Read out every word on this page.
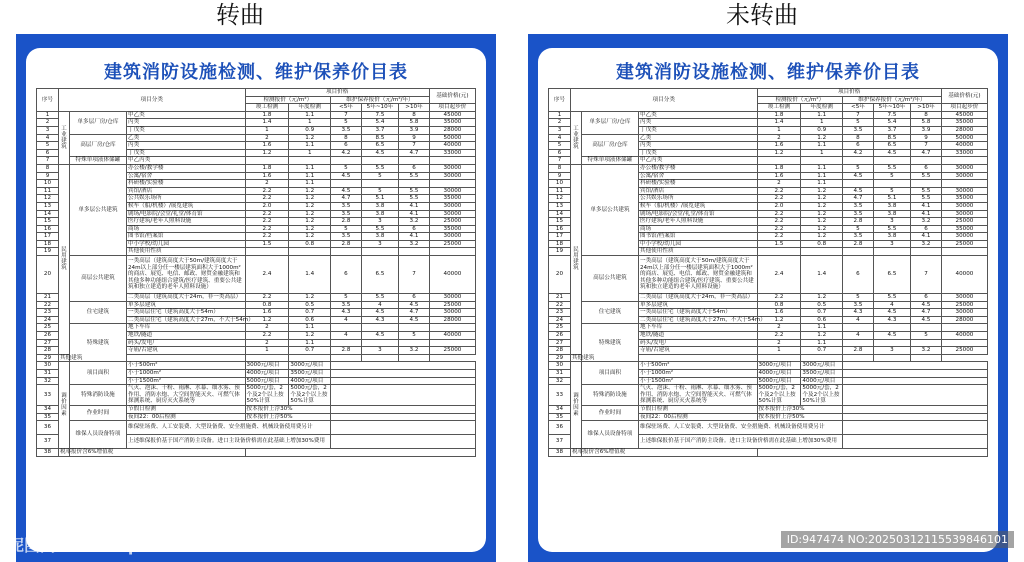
转曲	未转曲
建筑消防设施检测、维护保养价目表
序号	项目分类			项目价格					基础价格(元)
				检测报价（元/m²）		维护保养报价（元/m²/年）			
				竣工检测	年度检测	<5年	5年~10年	>10年	项目起步价
1	工业建筑	单多层厂房/仓库	甲乙类	1.8	1.1	7	7.5	8	45000
2			丙类	1.4	1	5	5.4	5.8	35000
3			丁戊类	1	0.9	3.5	3.7	3.9	28000
4		高层厂房/仓库	乙类	2	1.2	8	8.5	9	50000
5			丙类	1.6	1.1	6	6.5	7	40000
6			丁戊类	1.2	1	4.2	4.5	4.7	33000
7		特殊单项液体储罐	甲乙丙类						
8	民用建筑	单多层公共建筑	办公楼/教学楼	1.8	1.1	5	5.5	6	30000
9			公寓/宿舍	1.6	1.1	4.5	5	5.5	30000
10			科研楼/实验楼	2	1.1				
11			宾馆/酒店	2.2	1.2	4.5	5	5.5	30000
12			公共娱乐场所	2.2	1.2	4.7	5.1	5.5	35000
13			候车（船/机楼）/展览建筑	2.0	1.2	3.5	3.8	4.1	30000
14			剧场/电影院/会堂/礼堂/体育馆	2.2	1.2	3.5	3.8	4.1	30000
15			医疗建筑/老年人照料设施	2.2	1.2	2.8	3	3.2	25000
16			商场	2.2	1.2	5	5.5	6	35000
17			图书馆/档案馆	2.2	1.2	3.5	3.8	4.1	30000
18			中小学校/幼儿园	1.5	0.8	2.8	3	3.2	25000
19			其他使用性质						
20		高层公共建筑	一类高层（建筑高度大于50m/建筑高度大于24m以上部分任一楼层建筑面积大于1000m²的商店、展览、电信、邮政、财贸金融建筑和其他多种功能组合建筑/医疗建筑、重要公共建筑和独立建造的老年人照料设施）	2.4	1.4	6	6.5	7	40000
21			二类高层（建筑高度大于24m，非一类高层）	2.2	1.2	5	5.5	6	30000
22		住宅建筑	单多层建筑	0.8	0.5	3.5	4	4.5	25000
23			一类高层住宅（建筑高度大于54m）	1.6	0.7	4.3	4.5	4.7	30000
24			二类高层住宅（建筑高度大于27m，不大于54m）	1.2	0.6	4	4.3	4.5	28000
25		特殊建筑	地下车库	2	1.1				
26			地铁/隧道	2.2	1.2	4	4.5	5	40000
27			码头/发电厂	2	1.1				
28			寺庙/古建筑	1	0.7	2.8	3	3.2	25000
29	其他建筑								
30	调价因素	项目面积	小于500m²	3000元/项目	3000元/项目				
31			小于1000m²	4000元/项目	3500元/项目				
32			小于1500m²	5000元/项目	4000元/项目				
33		特殊消防设施	气灭、泡沫、干粉、雨淋、水幕、细水雾、预作用、消防水炮、大空间智能灭火、可燃气体探测系统、厨房灭火系统等	5000元/套，2个及2个以上按50%计算	5000元/套，2个及2个以上按50%计算				
34		作业时间	节假日检测	按本报价上浮30%					
35			夜间22：00后检测	按本报价上浮50%					
36		维保人员设备特项	维保驻场费、人工安装费、大型设备费、安全措施费、机械设备使用费另计						
37			上述维保报价基于国产消防主设备。进口主设备价格需在此基础上增加30%费用						
38	税率	报价含6%增值税							
建筑消防设施检测、维护保养价目表
序号	项目分类			项目价格					基础价格(元)
				检测报价（元/m²）		维护保养报价（元/m²/年）			
				竣工检测	年度检测	<5年	5年~10年	>10年	项目起步价
1	工业建筑	单多层厂房/仓库	甲乙类	1.8	1.1	7	7.5	8	45000
2			丙类	1.4	1	5	5.4	5.8	35000
3			丁戊类	1	0.9	3.5	3.7	3.9	28000
4		高层厂房/仓库	乙类	2	1.2	8	8.5	9	50000
5			丙类	1.6	1.1	6	6.5	7	40000
6			丁戊类	1.2	1	4.2	4.5	4.7	33000
7		特殊单项液体储罐	甲乙丙类						
8	民用建筑	单多层公共建筑	办公楼/教学楼	1.8	1.1	5	5.5	6	30000
9			公寓/宿舍	1.6	1.1	4.5	5	5.5	30000
10			科研楼/实验楼	2	1.1				
11			宾馆/酒店	2.2	1.2	4.5	5	5.5	30000
12			公共娱乐场所	2.2	1.2	4.7	5.1	5.5	35000
13			候车（船/机楼）/展览建筑	2.0	1.2	3.5	3.8	4.1	30000
14			剧场/电影院/会堂/礼堂/体育馆	2.2	1.2	3.5	3.8	4.1	30000
15			医疗建筑/老年人照料设施	2.2	1.2	2.8	3	3.2	25000
16			商场	2.2	1.2	5	5.5	6	35000
17			图书馆/档案馆	2.2	1.2	3.5	3.8	4.1	30000
18			中小学校/幼儿园	1.5	0.8	2.8	3	3.2	25000
19			其他使用性质						
20		高层公共建筑	一类高层（建筑高度大于50m/建筑高度大于24m以上部分任一楼层建筑面积大于1000m²的商店、展览、电信、邮政、财贸金融建筑和其他多种功能组合建筑/医疗建筑、重要公共建筑和独立建造的老年人照料设施）	2.4	1.4	6	6.5	7	40000
21			二类高层（建筑高度大于24m，非一类高层）	2.2	1.2	5	5.5	6	30000
22		住宅建筑	单多层建筑	0.8	0.5	3.5	4	4.5	25000
23			一类高层住宅（建筑高度大于54m）	1.6	0.7	4.3	4.5	4.7	30000
24			二类高层住宅（建筑高度大于27m，不大于54m）	1.2	0.6	4	4.3	4.5	28000
25		特殊建筑	地下车库	2	1.1				
26			地铁/隧道	2.2	1.2	4	4.5	5	40000
27			码头/发电厂	2	1.1				
28			寺庙/古建筑	1	0.7	2.8	3	3.2	25000
29	其他建筑								
30	调价因素	项目面积	小于500m²	3000元/项目	3000元/项目				
31			小于1000m²	4000元/项目	3500元/项目				
32			小于1500m²	5000元/项目	4000元/项目				
33		特殊消防设施	气灭、泡沫、干粉、雨淋、水幕、细水雾、预作用、消防水炮、大空间智能灭火、可燃气体探测系统、厨房灭火系统等	5000元/套，2个及2个以上按50%计算	5000元/套，2个及2个以上按50%计算				
34		作业时间	节假日检测	按本报价上浮30%					
35			夜间22：00后检测	按本报价上浮50%					
36		维保人员设备特项	维保驻场费、人工安装费、大型设备费、安全措施费、机械设备使用费另计						
37			上述维保报价基于国产消防主设备。进口主设备价格需在此基础上增加30%费用						
38	税率	报价含6%增值税							
昵图网 www.nipic.com	ID:947474 NO:20250312115539846101
